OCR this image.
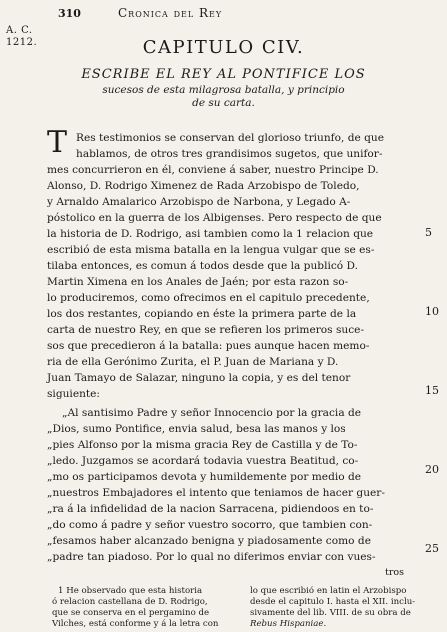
A. C.
1212.
310	Cronica del Rey
CAPITULO CIV.
ESCRIBE EL REY AL PONTIFICE LOS
sucesos de esta milagrosa batalla, y principio
de su carta.
T Res testimonios se conservan del glorioso triunfo, de que
hablamos, de otros tres grandisimos sugetos, que unifor-
mes concurrieron en él, conviene á saber, nuestro Principe D.
Alonso, D. Rodrigo Ximenez de Rada Arzobispo de Toledo,
y Arnaldo Amalarico Arzobispo de Narbona, y Legado A-
póstolico en la guerra de los Albigenses. Pero respecto de que
la historia de D. Rodrigo, asi tambien como la 1 relacion que
escribió de esta misma batalla en la lengua vulgar que se es-
tilaba entonces, es comun á todos desde que la publicó D.
Martin Ximena en los Anales de Jaén; por esta razon so-
lo produciremos, como ofrecimos en el capitulo precedente,
los dos restantes, copiando en éste la primera parte de la
carta de nuestro Rey, en que se refieren los primeros suce-
sos que precedieron á la batalla: pues aunque hacen memo-
ria de ella Gerónimo Zurita, el P. Juan de Mariana y D.
Juan Tamayo de Salazar, ninguno la copia, y es del tenor
siguiente:
„Al santisimo Padre y señor Innocencio por la gracia de
„Dios, sumo Pontifice, envia salud, besa las manos y los
„pies Alfonso por la misma gracia Rey de Castilla y de To-
„ledo. Juzgamos se acordará todavia vuestra Beatitud, co-
„mo os participamos devota y humildemente por medio de
„nuestros Embajadores el intento que teniamos de hacer guer-
„ra á la infidelidad de la nacion Sarracena, pidiendoos en to-
„do como á padre y señor vuestro socorro, que tambien con-
„fesamos haber alcanzado benigna y piadosamente como de
„padre tan piadoso. Por lo qual no diferimos enviar con vues-
tros
5
10
15
20
25
1 He observado que esta historia
ó relacion castellana de D. Rodrigo,
que se conserva en el pergamino de
Vilches, está conforme y á la letra con
lo que escribió en latin el Arzobispo
desde el capitulo I. hasta el XII. inclu-
sivamente del lib. VIII. de su obra de
Rebus Hispaniae.
